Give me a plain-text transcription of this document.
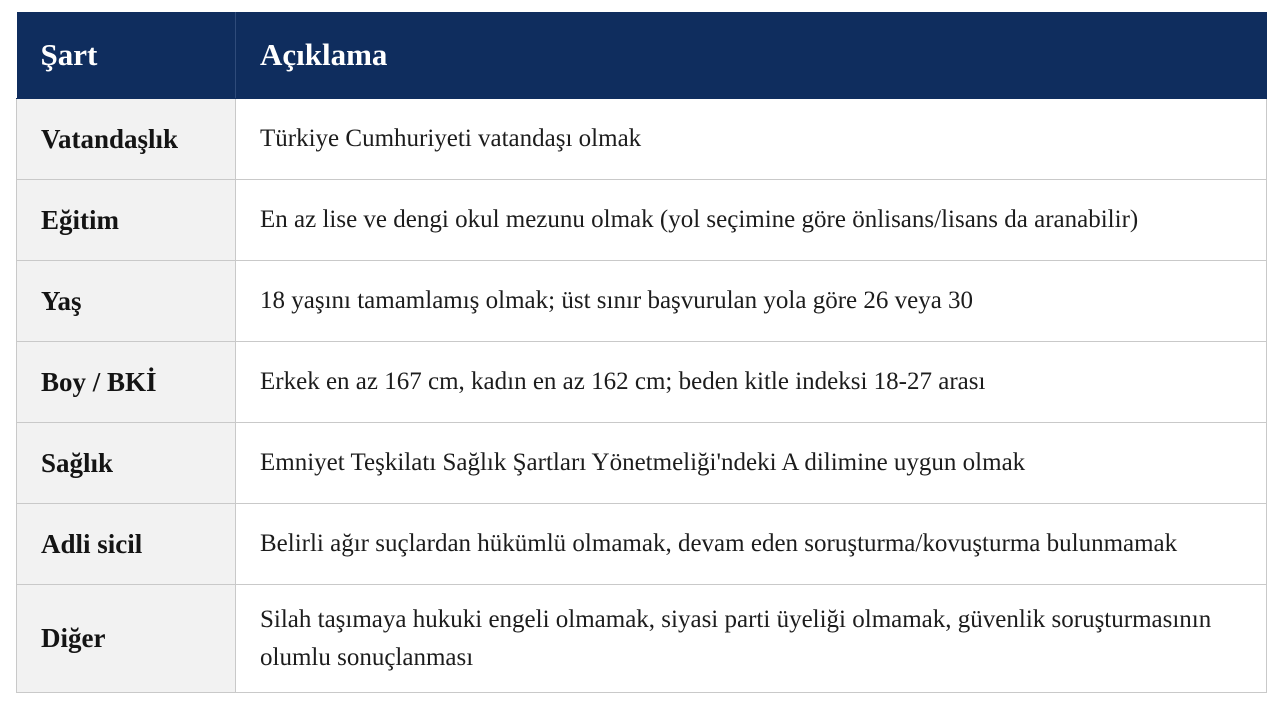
Şart	Açıklama
Vatandaşlık	Türkiye Cumhuriyeti vatandaşı olmak
Eğitim	En az lise ve dengi okul mezunu olmak (yol seçimine göre önlisans/lisans da aranabilir)
Yaş	18 yaşını tamamlamış olmak; üst sınır başvurulan yola göre 26 veya 30
Boy / BKİ	Erkek en az 167 cm, kadın en az 162 cm; beden kitle indeksi 18-27 arası
Sağlık	Emniyet Teşkilatı Sağlık Şartları Yönetmeliği'ndeki A dilimine uygun olmak
Adli sicil	Belirli ağır suçlardan hükümlü olmamak, devam eden soruşturma/kovuşturma bulunmamak
Diğer	Silah taşımaya hukuki engeli olmamak, siyasi parti üyeliği olmamak, güvenlik soruşturmasının olumlu sonuçlanması
